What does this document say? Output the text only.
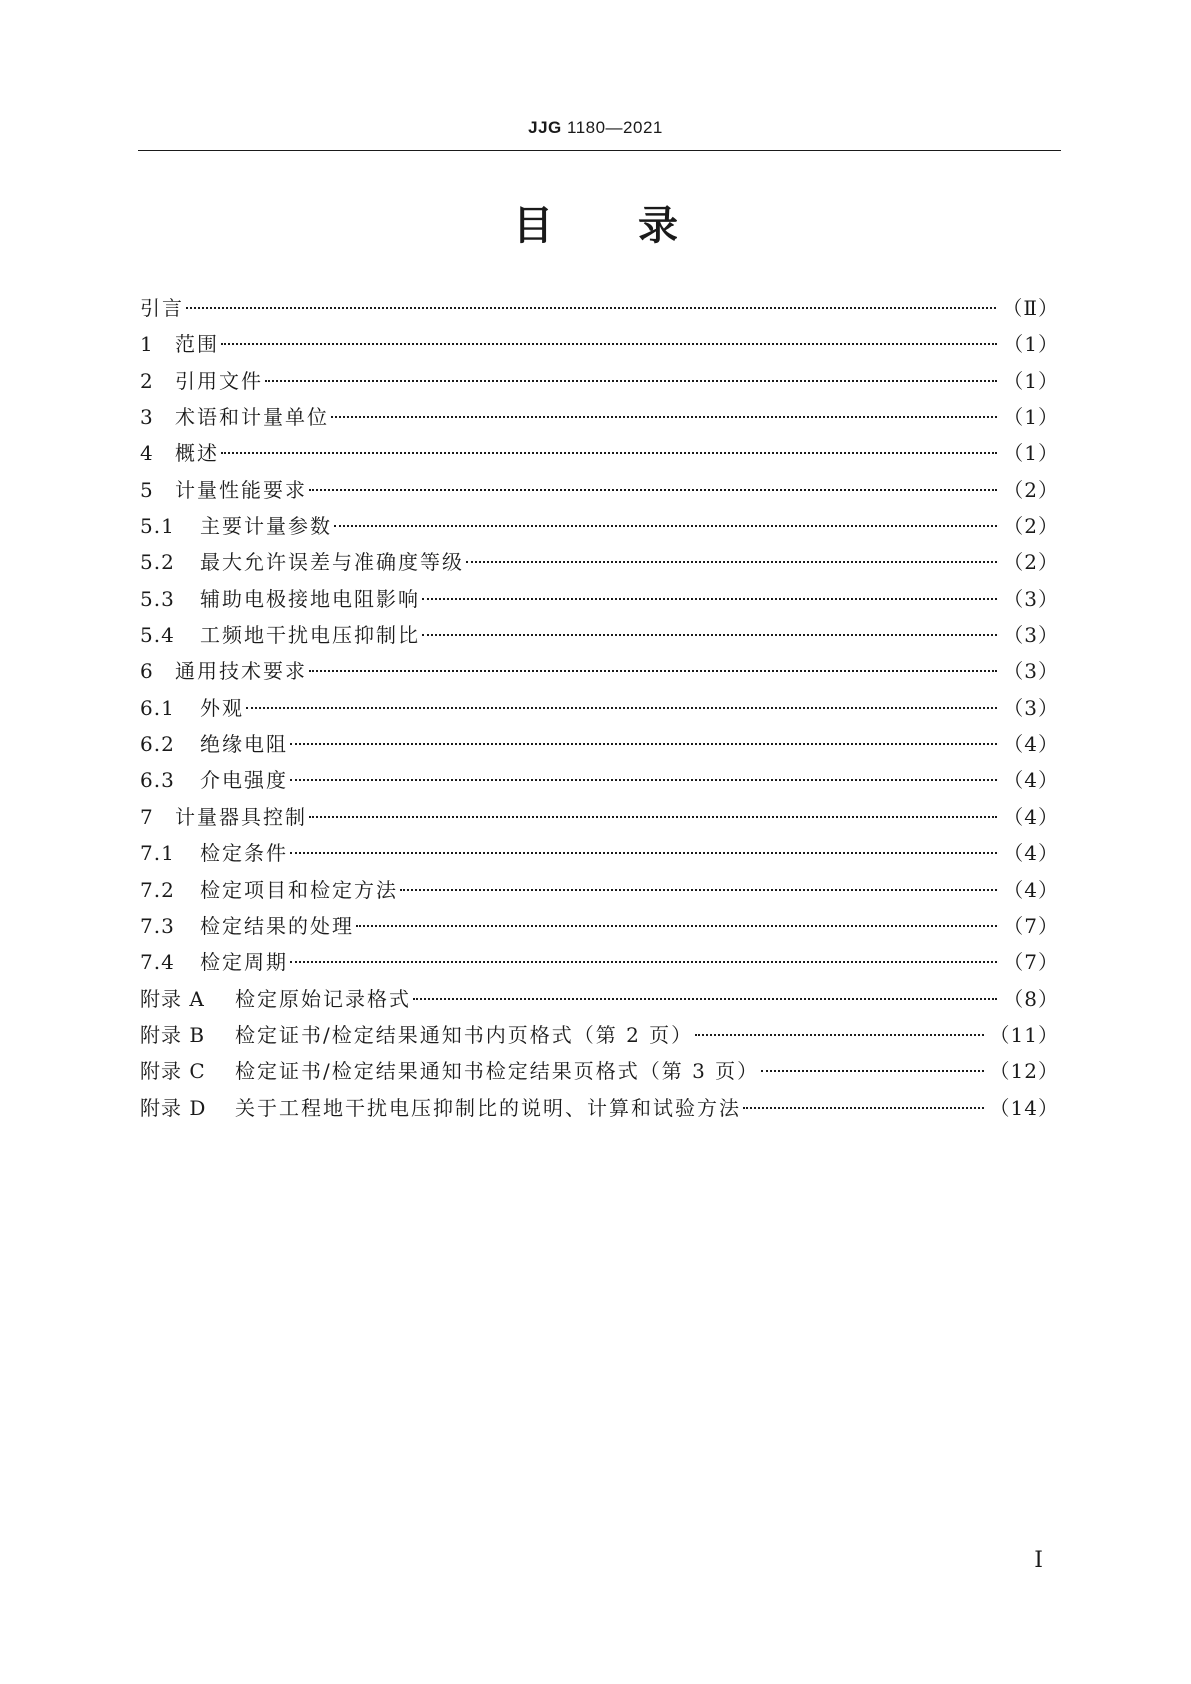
JJG 1180—2021
目 录
引言	（Ⅱ）
1	范围	（1）
2	引用文件	（1）
3	术语和计量单位	（1）
4	概述	（1）
5	计量性能要求	（2）
5.1	主要计量参数	（2）
5.2	最大允许误差与准确度等级	（2）
5.3	辅助电极接地电阻影响	（3）
5.4	工频地干扰电压抑制比	（3）
6	通用技术要求	（3）
6.1	外观	（3）
6.2	绝缘电阻	（4）
6.3	介电强度	（4）
7	计量器具控制	（4）
7.1	检定条件	（4）
7.2	检定项目和检定方法	（4）
7.3	检定结果的处理	（7）
7.4	检定周期	（7）
附录 A	检定原始记录格式	（8）
附录 B	检定证书/检定结果通知书内页格式（第 2 页）	（11）
附录 C	检定证书/检定结果通知书检定结果页格式（第 3 页）	（12）
附录 D	关于工程地干扰电压抑制比的说明、计算和试验方法	（14）
Ⅰ
